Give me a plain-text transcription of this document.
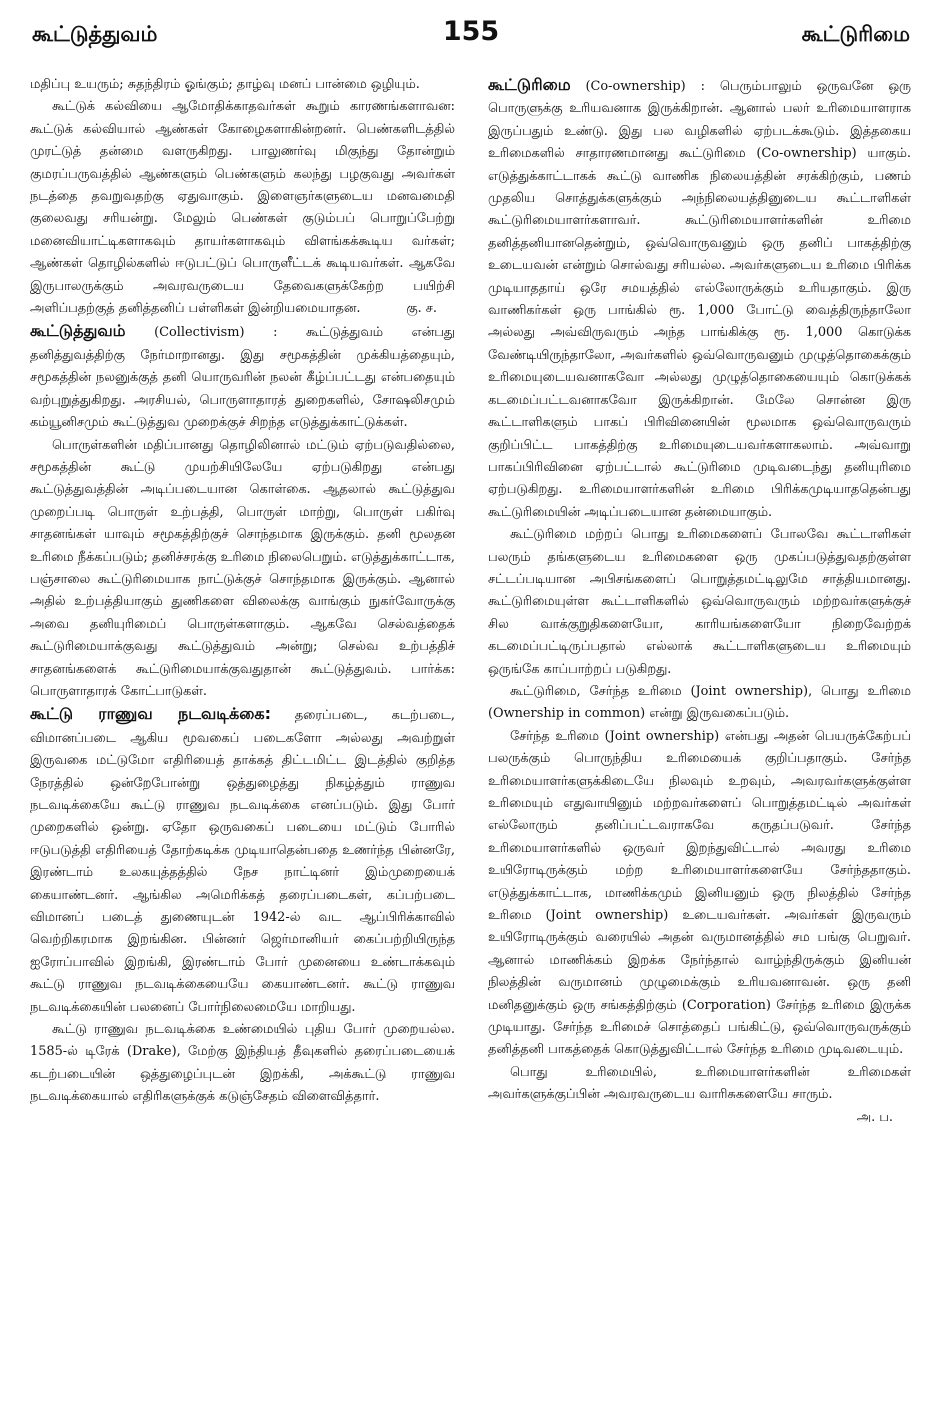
கூட்டுத்துவம்	155	கூட்டுரிமை

மதிப்பு உயரும்; சுதந்திரம் ஓங்கும்; தாழ்வு மனப் பான்மை ஒழியும்.

கூட்டுக் கல்வியை ஆமோதிக்காதவர்கள் கூறும் காரணங்களாவன: கூட்டுக் கல்வியால் ஆண்கள் கோழைகளாகின்றனர். பெண்களிடத்தில் முரட்டுத் தன்மை வளருகிறது. பாலுணர்வு மிகுந்து தோன்றும் குமரப்பருவத்தில் ஆண்களும் பெண்களும் கலந்து பழகுவது அவர்கள் நடத்தை தவறுவதற்கு ஏதுவாகும். இளைஞர்களுடைய மனவமைதி குலைவது சரியன்று. மேலும் பெண்கள் குடும்பப் பொறுப்பேற்று மனைவியாட்டிகளாகவும் தாயர்களாகவும் விளங்கக்கூடிய வர்கள்; ஆண்கள் தொழில்களில் ஈடுபட்டுப் பொருளீட்டக் கூடியவர்கள். ஆகவே இருபாலருக்கும் அவரவருடைய தேவைகளுக்கேற்ற பயிற்சி அளிப்பதற்குத் தனித்தனிப் பள்ளிகள் இன்றியமையாதன.	கு. ச.

கூட்டுத்துவம் (Collectivism) : கூட்டுத்துவம் என்பது தனித்துவத்திற்கு நேர்மாறானது. இது சமூகத்தின் முக்கியத்தையும், சமூகத்தின் நலனுக்குத் தனி யொருவரின் நலன் கீழ்ப்பட்டது என்பதையும் வற்புறுத்துகிறது. அரசியல், பொருளாதாரத் துறைகளில், சோஷலிசமும் கம்யூனிசமும் கூட்டுத்துவ முறைக்குச் சிறந்த எடுத்துக்காட்டுக்கள்.

பொருள்களின் மதிப்பானது தொழிலினால் மட்டும் ஏற்படுவதில்லை, சமூகத்தின் கூட்டு முயற்சியிலேயே ஏற்படுகிறது என்பது கூட்டுத்துவத்தின் அடிப்படையான கொள்கை. ஆதலால் கூட்டுத்துவ முறைப்படி பொருள் உற்பத்தி, பொருள் மாற்று, பொருள் பகிர்வு சாதனங்கள் யாவும் சமூகத்திற்குச் சொந்தமாக இருக்கும். தனி மூலதன உரிமை நீக்கப்படும்; தனிச்சரக்கு உரிமை நிலைபெறும். எடுத்துக்காட்டாக, பஞ்சாலை கூட்டுரிமையாக நாட்டுக்குச் சொந்தமாக இருக்கும். ஆனால் அதில் உற்பத்தியாகும் துணிகளை விலைக்கு வாங்கும் நுகர்வோருக்கு அவை தனியுரிமைப் பொருள்களாகும். ஆகவே செல்வத்தைக் கூட்டுரிமையாக்குவது கூட்டுத்துவம் அன்று; செல்வ உற்பத்திச் சாதனங்களைக் கூட்டுரிமையாக்குவதுதான் கூட்டுத்துவம். பார்க்க: பொருளாதாரக் கோட்பாடுகள்.

கூட்டு ராணுவ நடவடிக்கை: தரைப்படை, கடற்படை, விமானப்படை ஆகிய மூவகைப் படைகளோ அல்லது அவற்றுள் இருவகை மட்டுமோ எதிரியைத் தாக்கத் திட்டமிட்ட இடத்தில் குறித்த நேரத்தில் ஒன்றேபோன்று ஒத்துழைத்து நிகழ்த்தும் ராணுவ நடவடிக்கையே கூட்டு ராணுவ நடவடிக்கை எனப்படும். இது போர் முறைகளில் ஒன்று. ஏதோ ஒருவகைப் படையை மட்டும் போரில் ஈடுபடுத்தி எதிரியைத் தோற்கடிக்க முடியாதென்பதை உணர்ந்த பின்னரே, இரண்டாம் உலகயுத்தத்தில் நேச நாட்டினர் இம்முறையைக் கையாண்டனர். ஆங்கில அமெரிக்கத் தரைப்படைகள், கப்பற்படை விமானப் படைத் துணையுடன் 1942-ல் வட ஆப்பிரிக்காவில் வெற்றிகரமாக இறங்கின. பின்னர் ஜெர்மானியர் கைப்பற்றியிருந்த ஐரோப்பாவில் இறங்கி, இரண்டாம் போர் முனையை உண்டாக்கவும் கூட்டு ராணுவ நடவடிக்கையையே கையாண்டனர். கூட்டு ராணுவ நடவடிக்கையின் பலனைப் போர்நிலைமையே மாறியது.

கூட்டு ராணுவ நடவடிக்கை உண்மையில் புதிய போர் முறையல்ல. 1585-ல் டிரேக் (Drake), மேற்கு இந்தியத் தீவுகளில் தரைப்படையைக் கடற்படையின் ஒத்துழைப்புடன் இறக்கி, அக்கூட்டு ராணுவ நடவடிக்கையால் எதிரிகளுக்குக் கடுஞ்சேதம் விளைவித்தார்.

கூட்டுரிமை (Co-ownership) : பெரும்பாலும் ஒருவனே ஒரு பொருளுக்கு உரியவனாக இருக்கிறான். ஆனால் பலர் உரிமையாளராக இருப்பதும் உண்டு. இது பல வழிகளில் ஏற்படக்கூடும். இத்தகைய உரிமைகளில் சாதாரணமானது கூட்டுரிமை (Co-ownership) யாகும். எடுத்துக்காட்டாகக் கூட்டு வாணிக நிலையத்தின் சரக்கிற்கும், பணம் முதலிய சொத்துக்களுக்கும் அந்நிலையத்தினுடைய கூட்டாளிகள் கூட்டுரிமையாளர்களாவர். கூட்டுரிமையாளர்களின் உரிமை தனித்தனியானதென்றும், ஒவ்வொருவனும் ஒரு தனிப் பாகத்திற்கு உடையவன் என்றும் சொல்வது சரியல்ல. அவர்களுடைய உரிமை பிரிக்க முடியாததாய் ஒரே சமயத்தில் எல்லோருக்கும் உரியதாகும். இரு வாணிகர்கள் ஒரு பாங்கில் ரூ. 1,000 போட்டு வைத்திருந்தாலோ அல்லது அவ்விருவரும் அந்த பாங்கிக்கு ரூ. 1,000 கொடுக்க வேண்டியிருந்தாலோ, அவர்களில் ஒவ்வொருவனும் முழுத்தொகைக்கும் உரிமையுடையவனாகவோ அல்லது முழுத்தொகையையும் கொடுக்கக் கடமைப்பட்டவனாகவோ இருக்கிறான். மேலே சொன்ன இரு கூட்டாளிகளும் பாகப் பிரிவினையின் மூலமாக ஒவ்வொருவரும் குறிப்பிட்ட பாகத்திற்கு உரிமையுடையவர்களாகலாம். அவ்வாறு பாகப்பிரிவினை ஏற்பட்டால் கூட்டுரிமை முடிவடைந்து தனியுரிமை ஏற்படுகிறது. உரிமையாளர்களின் உரிமை பிரிக்கமுடியாததென்பது கூட்டுரிமையின் அடிப்படையான தன்மையாகும்.

கூட்டுரிமை மற்றப் பொது உரிமைகளைப் போலவே கூட்டாளிகள் பலரும் தங்களுடைய உரிமைகளை ஒரு முகப்படுத்துவதற்குள்ள சட்டப்படியான அபிசங்களைப் பொறுத்தமட்டிலுமே சாத்தியமானது. கூட்டுரிமையுள்ள கூட்டாளிகளில் ஒவ்வொருவரும் மற்றவர்களுக்குச் சில வாக்குறுதிகளையோ, காரியங்களையோ நிறைவேற்றக் கடமைப்பட்டிருப்பதால் எல்லாக் கூட்டாளிகளுடைய உரிமையும் ஒருங்கே காப்பாற்றப் படுகிறது.

கூட்டுரிமை, சேர்ந்த உரிமை (Joint ownership), பொது உரிமை (Ownership in common) என்று இருவகைப்படும்.

சேர்ந்த உரிமை (Joint ownership) என்பது அதன் பெயருக்கேற்பப் பலருக்கும் பொருந்திய உரிமையைக் குறிப்பதாகும். சேர்ந்த உரிமையாளர்களுக்கிடையே நிலவும் உறவும், அவரவர்களுக்குள்ள உரிமையும் எதுவாயினும் மற்றவர்களைப் பொறுத்தமட்டில் அவர்கள் எல்லோரும் தனிப்பட்டவராகவே கருதப்படுவர். சேர்ந்த உரிமையாளர்களில் ஒருவர் இறந்துவிட்டால் அவரது உரிமை உயிரோடிருக்கும் மற்ற உரிமையாளர்களையே சேர்ந்ததாகும். எடுத்துக்காட்டாக, மாணிக்கமும் இனியனும் ஒரு நிலத்தில் சேர்ந்த உரிமை (Joint ownership) உடையவர்கள். அவர்கள் இருவரும் உயிரோடிருக்கும் வரையில் அதன் வருமானத்தில் சம பங்கு பெறுவர். ஆனால் மாணிக்கம் இறக்க நேர்ந்தால் வாழ்ந்திருக்கும் இனியன் நிலத்தின் வருமானம் முழுமைக்கும் உரியவனாவன். ஒரு தனி மனிதனுக்கும் ஒரு சங்கத்திற்கும் (Corporation) சேர்ந்த உரிமை இருக்க முடியாது. சேர்ந்த உரிமைச் சொத்தைப் பங்கிட்டு, ஒவ்வொருவருக்கும் தனித்தனி பாகத்தைக் கொடுத்துவிட்டால் சேர்ந்த உரிமை முடிவடையும்.

பொது உரிமையில், உரிமையாளர்களின் உரிமைகள் அவர்களுக்குப்பின் அவரவருடைய வாரிசுகளையே சாரும்.

அ. ப.
